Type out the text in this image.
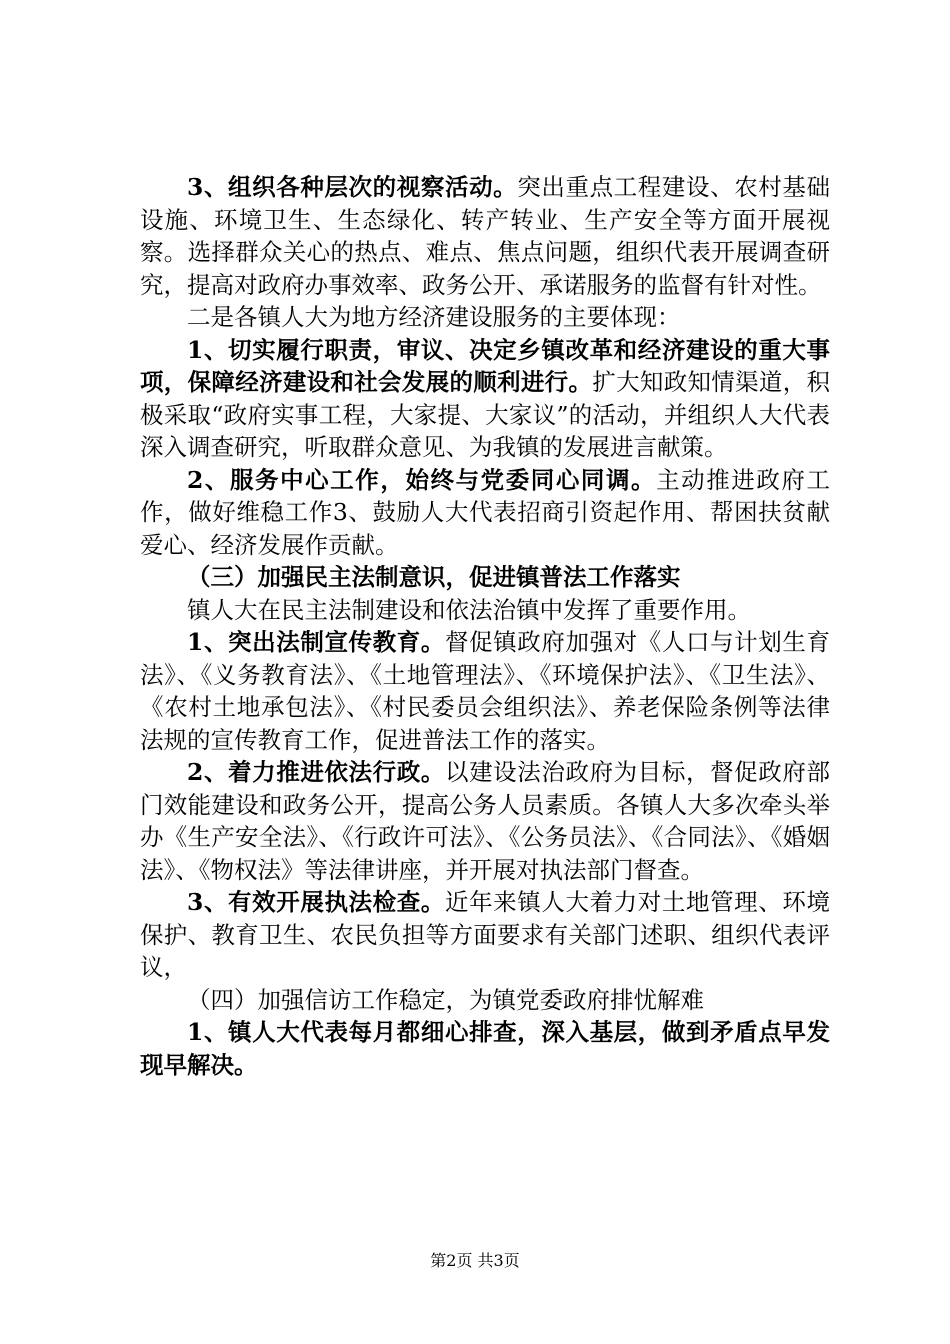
3、组织各种层次的视察活动。突出重点工程建设、农村基础设施、环境卫生、生态绿化、转产转业、生产安全等方面开展视察。选择群众关心的热点、难点、焦点问题，组织代表开展调查研究，提高对政府办事效率、政务公开、承诺服务的监督有针对性。

二是各镇人大为地方经济建设服务的主要体现：

1、切实履行职责，审议、决定乡镇改革和经济建设的重大事项，保障经济建设和社会发展的顺利进行。扩大知政知情渠道，积极采取“政府实事工程，大家提、大家议”的活动，并组织人大代表深入调查研究，听取群众意见、为我镇的发展进言献策。

2、服务中心工作，始终与党委同心同调。主动推进政府工作，做好维稳工作3、鼓励人大代表招商引资起作用、帮困扶贫献爱心、经济发展作贡献。

（三）加强民主法制意识，促进镇普法工作落实

镇人大在民主法制建设和依法治镇中发挥了重要作用。

1、突出法制宣传教育。督促镇政府加强对《人口与计划生育法》、《义务教育法》、《土地管理法》、《环境保护法》、《卫生法》、《农村土地承包法》、《村民委员会组织法》、养老保险条例等法律法规的宣传教育工作，促进普法工作的落实。

2、着力推进依法行政。以建设法治政府为目标，督促政府部门效能建设和政务公开，提高公务人员素质。各镇人大多次牵头举办《生产安全法》、《行政许可法》、《公务员法》、《合同法》、《婚姻法》、《物权法》等法律讲座，并开展对执法部门督查。

3、有效开展执法检查。近年来镇人大着力对土地管理、环境保护、教育卫生、农民负担等方面要求有关部门述职、组织代表评议，

（四）加强信访工作稳定，为镇党委政府排忧解难

1、镇人大代表每月都细心排查，深入基层，做到矛盾点早发现早解决。

第2页 共3页
